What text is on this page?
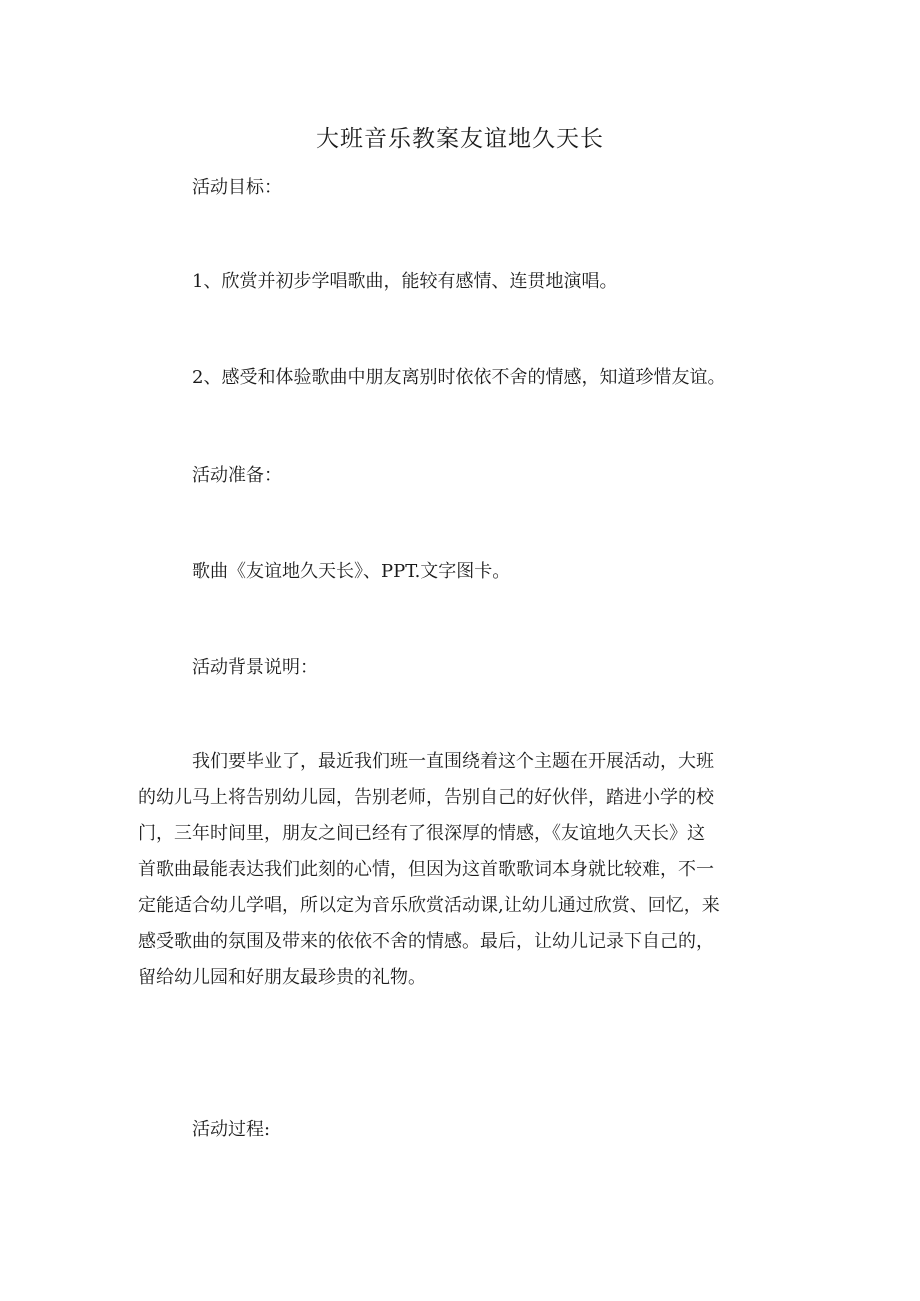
大班音乐教案友谊地久天长
活动目标：
1、欣赏并初步学唱歌曲，能较有感情、连贯地演唱。
2、感受和体验歌曲中朋友离别时依依不舍的情感，知道珍惜友谊。
活动准备：
歌曲《友谊地久天长》、PPT.文字图卡。
活动背景说明：

我们要毕业了，最近我们班一直围绕着这个主题在开展活动，大班

的幼儿马上将告别幼儿园，告别老师，告别自己的好伙伴，踏进小学的校

门，三年时间里，朋友之间已经有了很深厚的情感，《友谊地久天长》这

首歌曲最能表达我们此刻的心情，但因为这首歌歌词本身就比较难，不一

定能适合幼儿学唱，所以定为音乐欣赏活动课,让幼儿通过欣赏、回忆，来

感受歌曲的氛围及带来的依依不舍的情感。最后，让幼儿记录下自己的，

留给幼儿园和好朋友最珍贵的礼物。

活动过程:
